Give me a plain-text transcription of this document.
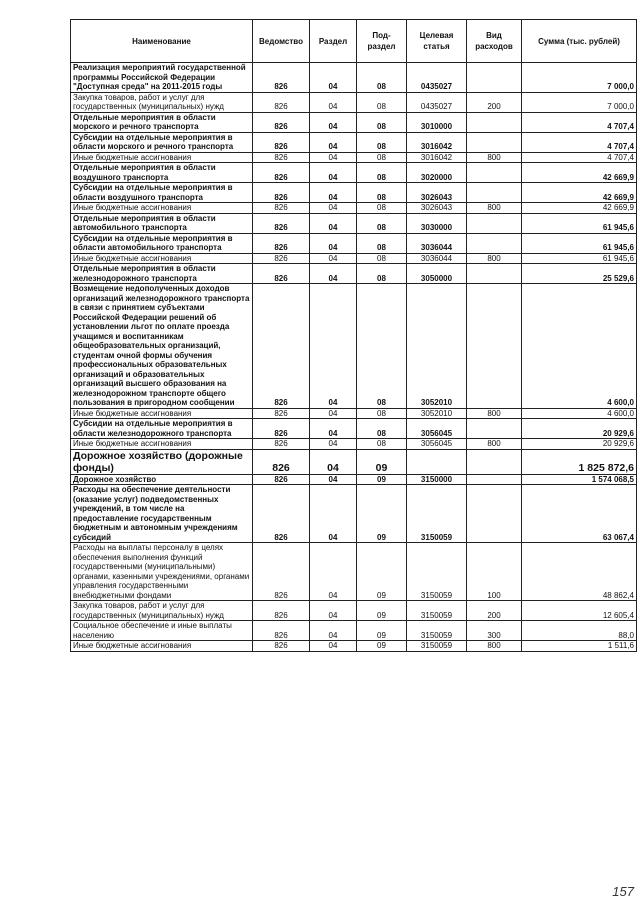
Наименование	Ведомство	Раздел	Под-раздел	Целевая статья	Вид расходов	Сумма (тыс. рублей)
Реализация мероприятий государственной программы Российской Федерации "Доступная среда" на 2011-2015 годы	826	04	08	0435027		7 000,0
Закупка товаров, работ и услуг для государственных (муниципальных) нужд	826	04	08	0435027	200	7 000,0
Отдельные мероприятия в области морского и речного транспорта	826	04	08	3010000		4 707,4
Субсидии на отдельные мероприятия в области морского и речного транспорта	826	04	08	3016042		4 707,4
Иные бюджетные ассигнования	826	04	08	3016042	800	4 707,4
Отдельные мероприятия в области воздушного транспорта	826	04	08	3020000		42 669,9
Субсидии на отдельные мероприятия в области воздушного транспорта	826	04	08	3026043		42 669,9
Иные бюджетные ассигнования	826	04	08	3026043	800	42 669,9
Отдельные мероприятия в области автомобильного транспорта	826	04	08	3030000		61 945,6
Субсидии на отдельные мероприятия в области автомобильного транспорта	826	04	08	3036044		61 945,6
Иные бюджетные ассигнования	826	04	08	3036044	800	61 945,6
Отдельные мероприятия в области железнодорожного транспорта	826	04	08	3050000		25 529,6
Возмещение недополученных доходов организаций железнодорожного транспорта в связи с принятием субъектами Российской Федерации решений об установлении льгот по оплате проезда учащимся и воспитанникам общеобразовательных организаций, студентам очной формы обучения профессиональных образовательных организаций и образовательных организаций высшего образования на железнодорожном транспорте общего пользования в пригородном сообщении	826	04	08	3052010		4 600,0
Иные бюджетные ассигнования	826	04	08	3052010	800	4 600,0
Субсидии на отдельные мероприятия в области железнодорожного транспорта	826	04	08	3056045		20 929,6
Иные бюджетные ассигнования	826	04	08	3056045	800	20 929,6
Дорожное хозяйство (дорожные фонды)	826	04	09			1 825 872,6
Дорожное хозяйство	826	04	09	3150000		1 574 068,5
Расходы на обеспечение деятельности (оказание услуг) подведомственных учреждений, в том числе на предоставление государственным бюджетным и автономным учреждениям субсидий	826	04	09	3150059		63 067,4
Расходы на выплаты персоналу в целях обеспечения выполнения функций государственными (муниципальными) органами, казенными учреждениями, органами управления государственными внебюджетными фондами	826	04	09	3150059	100	48 862,4
Закупка товаров, работ и услуг для государственных (муниципальных) нужд	826	04	09	3150059	200	12 605,4
Социальное обеспечение и иные выплаты населению	826	04	09	3150059	300	88,0
Иные бюджетные ассигнования	826	04	09	3150059	800	1 511,6
157
